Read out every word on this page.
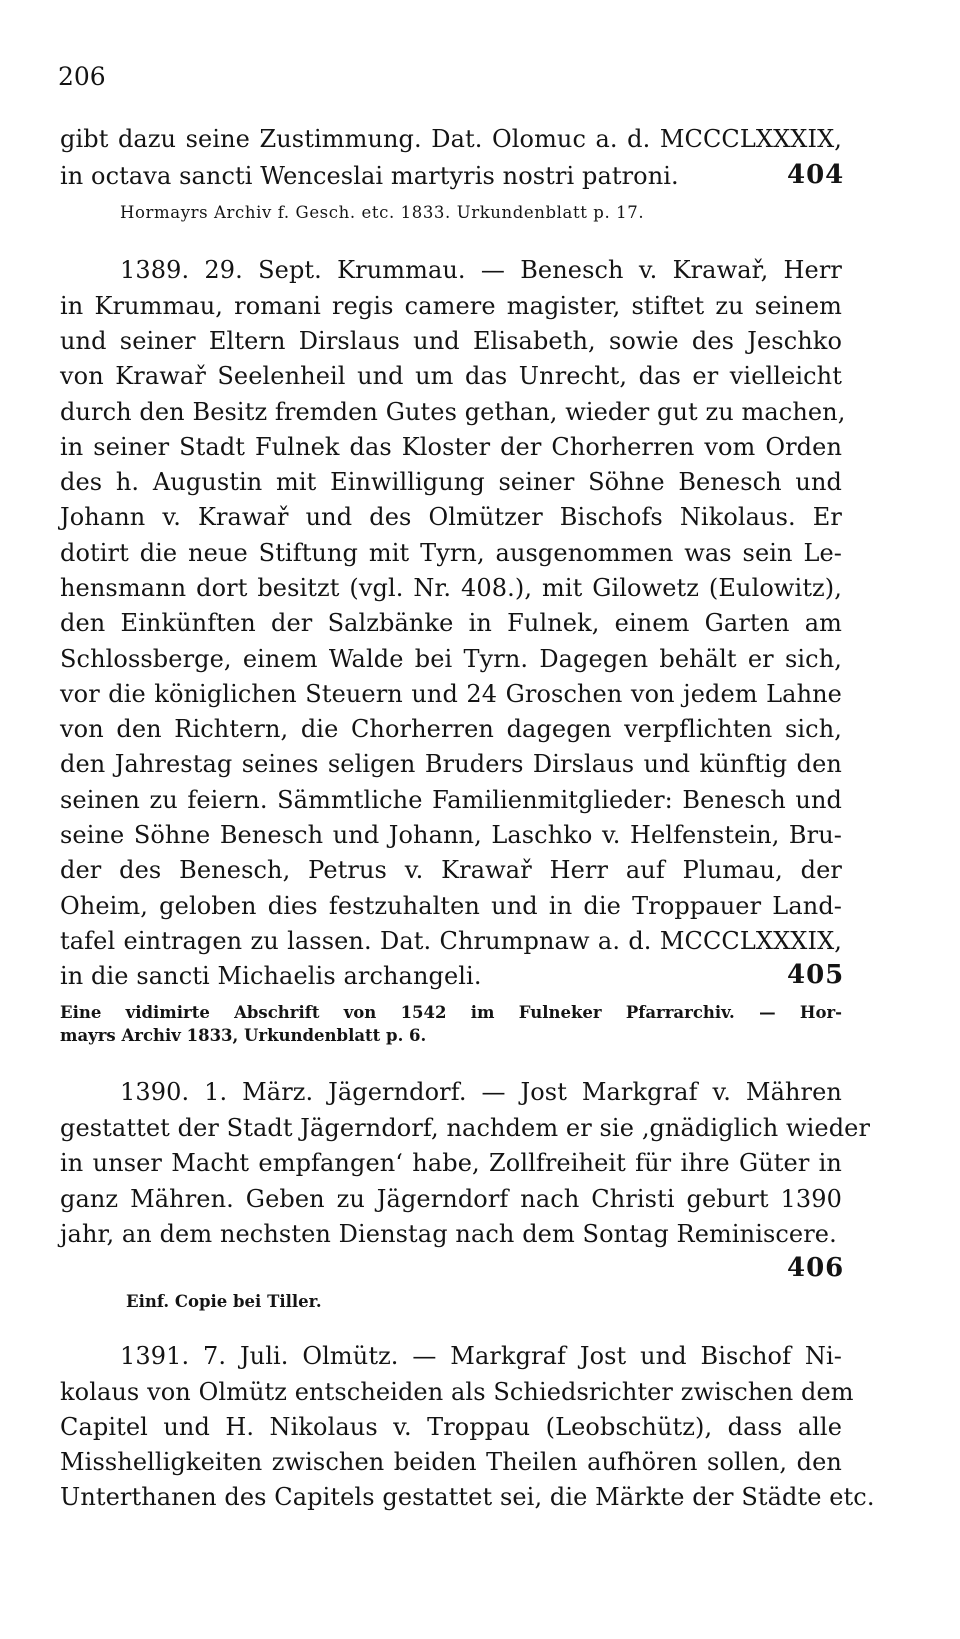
206
gibt dazu seine Zustimmung. Dat. Olomuc a. d. MCCCLXXXIX,
in octava sancti Wenceslai martyris nostri patroni.	404
Hormayrs Archiv f. Gesch. etc. 1833. Urkundenblatt p. 17.
1389. 29. Sept. Krummau. — Benesch v. Krawař, Herr
in Krummau, romani regis camere magister, stiftet zu seinem
und seiner Eltern Dirslaus und Elisabeth, sowie des Jeschko
von Krawař Seelenheil und um das Unrecht, das er vielleicht
durch den Besitz fremden Gutes gethan, wieder gut zu machen,
in seiner Stadt Fulnek das Kloster der Chorherren vom Orden
des h. Augustin mit Einwilligung seiner Söhne Benesch und
Johann v. Krawař und des Olmützer Bischofs Nikolaus. Er
dotirt die neue Stiftung mit Tyrn, ausgenommen was sein Le-
hensmann dort besitzt (vgl. Nr. 408.), mit Gilowetz (Eulowitz),
den Einkünften der Salzbänke in Fulnek, einem Garten am
Schlossberge, einem Walde bei Tyrn. Dagegen behält er sich,
vor die königlichen Steuern und 24 Groschen von jedem Lahne
von den Richtern, die Chorherren dagegen verpflichten sich,
den Jahrestag seines seligen Bruders Dirslaus und künftig den
seinen zu feiern. Sämmtliche Familienmitglieder: Benesch und
seine Söhne Benesch und Johann, Laschko v. Helfenstein, Bru-
der des Benesch, Petrus v. Krawař Herr auf Plumau, der
Oheim, geloben dies festzuhalten und in die Troppauer Land-
tafel eintragen zu lassen. Dat. Chrumpnaw a. d. MCCCLXXXIX,
in die sancti Michaelis archangeli.	405
Eine vidimirte Abschrift von 1542 im Fulneker Pfarrarchiv. — Hor-
mayrs Archiv 1833, Urkundenblatt p. 6.
1390. 1. März. Jägerndorf. — Jost Markgraf v. Mähren
gestattet der Stadt Jägerndorf, nachdem er sie ‚gnädiglich wieder
in unser Macht empfangen‘ habe, Zollfreiheit für ihre Güter in
ganz Mähren. Geben zu Jägerndorf nach Christi geburt 1390
jahr, an dem nechsten Dienstag nach dem Sontag Reminiscere.
406
Einf. Copie bei Tiller.
1391. 7. Juli. Olmütz. — Markgraf Jost und Bischof Ni-
kolaus von Olmütz entscheiden als Schiedsrichter zwischen dem
Capitel und H. Nikolaus v. Troppau (Leobschütz), dass alle
Misshelligkeiten zwischen beiden Theilen aufhören sollen, den
Unterthanen des Capitels gestattet sei, die Märkte der Städte etc.
